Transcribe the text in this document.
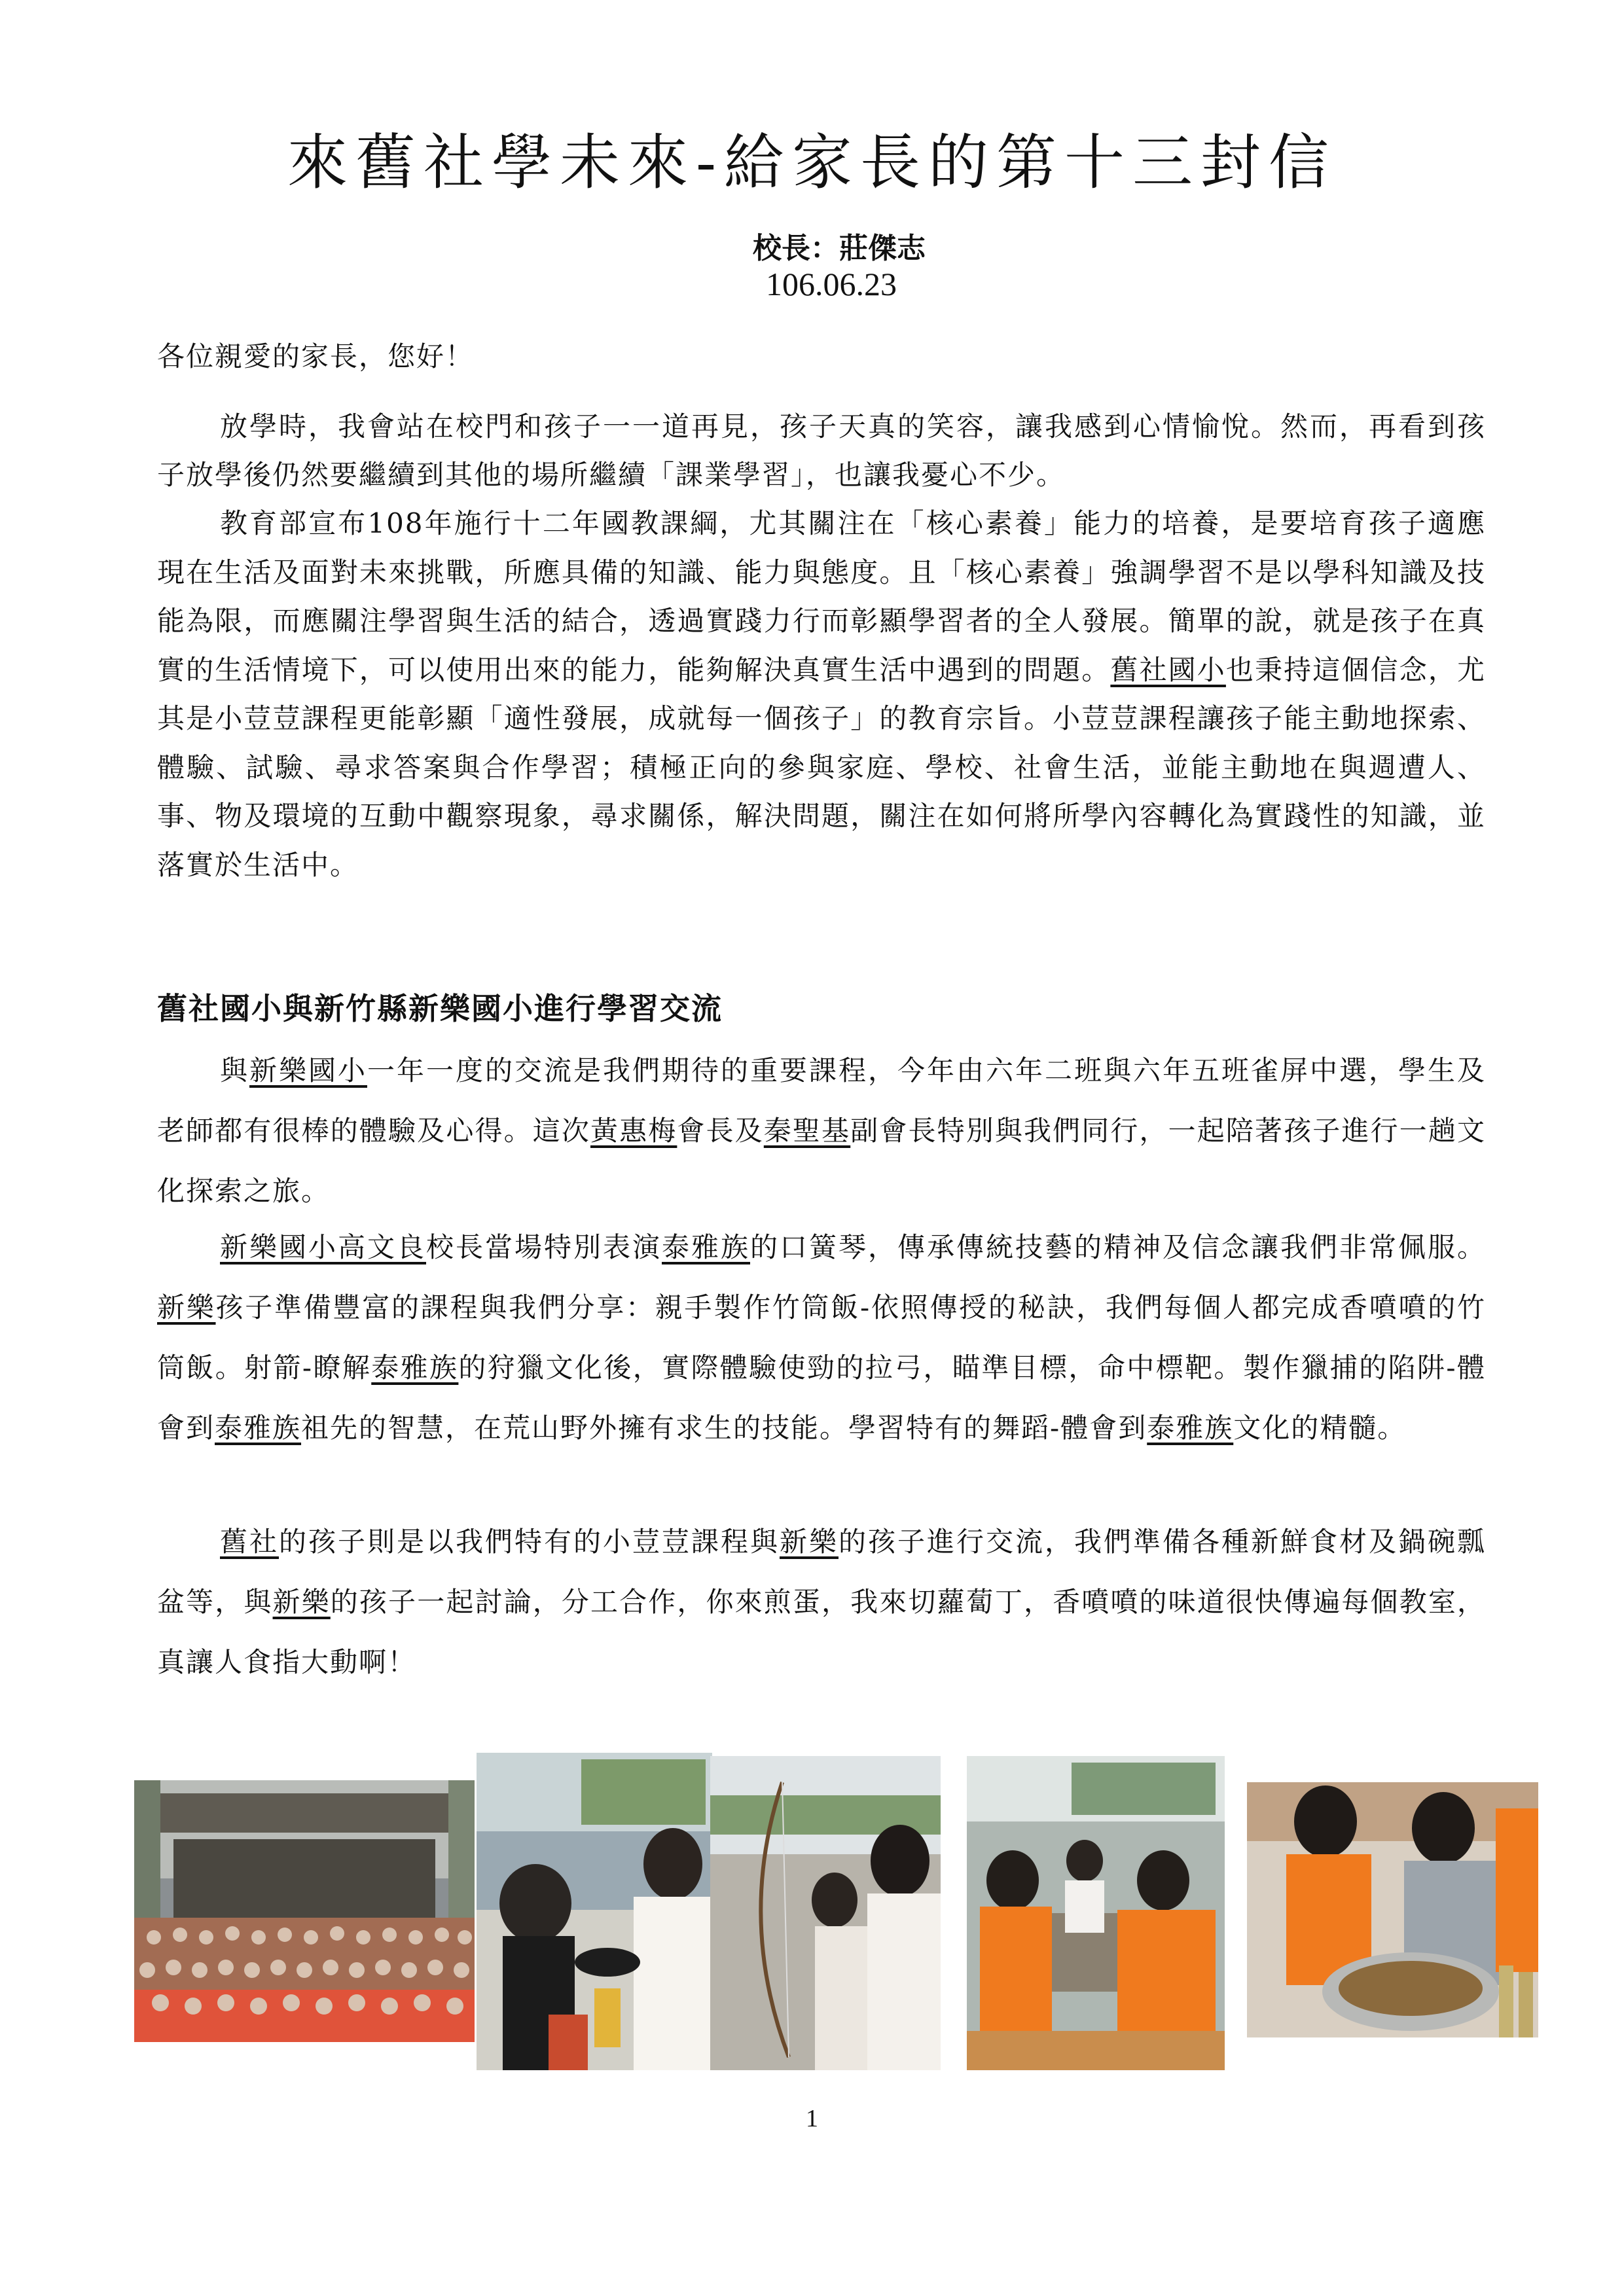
來舊社學未來-給家長的第十三封信
校長：莊傑志
106.06.23
各位親愛的家長，您好！

放學時，我會站在校門和孩子一一道再見，孩子天真的笑容，讓我感到心情愉悅。然而，再看到孩子放學後仍然要繼續到其他的場所繼續「課業學習」，也讓我憂心不少。

教育部宣布108年施行十二年國教課綱，尤其關注在「核心素養」能力的培養，是要培育孩子適應現在生活及面對未來挑戰，所應具備的知識、能力與態度。且「核心素養」強調學習不是以學科知識及技能為限，而應關注學習與生活的結合，透過實踐力行而彰顯學習者的全人發展。簡單的說，就是孩子在真實的生活情境下，可以使用出來的能力，能夠解決真實生活中遇到的問題。舊社國小也秉持這個信念，尤其是小荳荳課程更能彰顯「適性發展，成就每一個孩子」的教育宗旨。小荳荳課程讓孩子能主動地探索、體驗、試驗、尋求答案與合作學習；積極正向的參與家庭、學校、社會生活，並能主動地在與週遭人、事、物及環境的互動中觀察現象，尋求關係，解決問題，關注在如何將所學內容轉化為實踐性的知識，並落實於生活中。

舊社國小與新竹縣新樂國小進行學習交流

與新樂國小一年一度的交流是我們期待的重要課程，今年由六年二班與六年五班雀屏中選，學生及老師都有很棒的體驗及心得。這次黃惠梅會長及秦聖基副會長特別與我們同行，一起陪著孩子進行一趟文化探索之旅。

新樂國小高文良校長當場特別表演泰雅族的口簧琴，傳承傳統技藝的精神及信念讓我們非常佩服。新樂孩子準備豐富的課程與我們分享：親手製作竹筒飯-依照傳授的秘訣，我們每個人都完成香噴噴的竹筒飯。射箭-瞭解泰雅族的狩獵文化後，實際體驗使勁的拉弓，瞄準目標，命中標靶。製作獵捕的陷阱-體會到泰雅族祖先的智慧，在荒山野外擁有求生的技能。學習特有的舞蹈-體會到泰雅族文化的精髓。

舊社的孩子則是以我們特有的小荳荳課程與新樂的孩子進行交流，我們準備各種新鮮食材及鍋碗瓢盆等，與新樂的孩子一起討論，分工合作，你來煎蛋，我來切蘿蔔丁，香噴噴的味道很快傳遍每個教室，真讓人食指大動啊！

1
